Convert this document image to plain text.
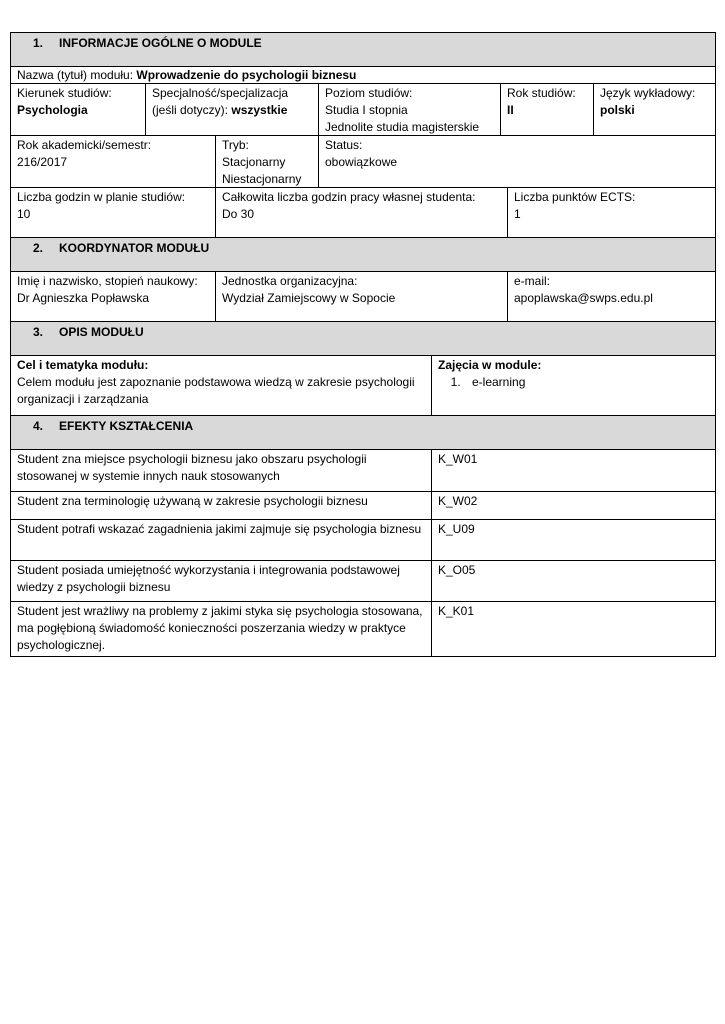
1. INFORMACJE OGÓLNE O MODULE
Nazwa (tytuł) modułu: Wprowadzenie do psychologii biznesu
Kierunek studiów:
Psychologia
Specjalność/specjalizacja
(jeśli dotyczy): wszystkie
Poziom studiów:
Studia I stopnia
Jednolite studia magisterskie
Rok studiów:
II
Język wykładowy:
polski
Rok akademicki/semestr:
216/2017
Tryb:
Stacjonarny
Niestacjonarny
Status:
obowiązkowe
Liczba godzin w planie studiów:
10
Całkowita liczba godzin pracy własnej studenta:
Do 30
Liczba punktów ECTS:
1
2. KOORDYNATOR MODUŁU
Imię i nazwisko, stopień naukowy:
Dr Agnieszka Popławska
Jednostka organizacyjna:
Wydział Zamiejscowy w Sopocie
e-mail:
apoplawska@swps.edu.pl
3. OPIS MODUŁU
Cel i tematyka modułu:
Celem modułu jest zapoznanie podstawowa wiedzą w zakresie psychologii organizacji i zarządzania
Zajęcia w module:
1. e-learning
4. EFEKTY KSZTAŁCENIA
Student zna miejsce psychologii biznesu jako obszaru psychologii stosowanej w systemie innych nauk stosowanych
K_W01
Student zna terminologię używaną w zakresie psychologii biznesu	K_W02
Student potrafi wskazać zagadnienia jakimi zajmuje się psychologia biznesu	K_U09
Student posiada umiejętność wykorzystania i integrowania podstawowej wiedzy z psychologii biznesu
K_O05
Student jest wrażliwy na problemy z jakimi styka się psychologia stosowana, ma pogłębioną świadomość konieczności poszerzania wiedzy w praktyce psychologicznej.
K_K01
